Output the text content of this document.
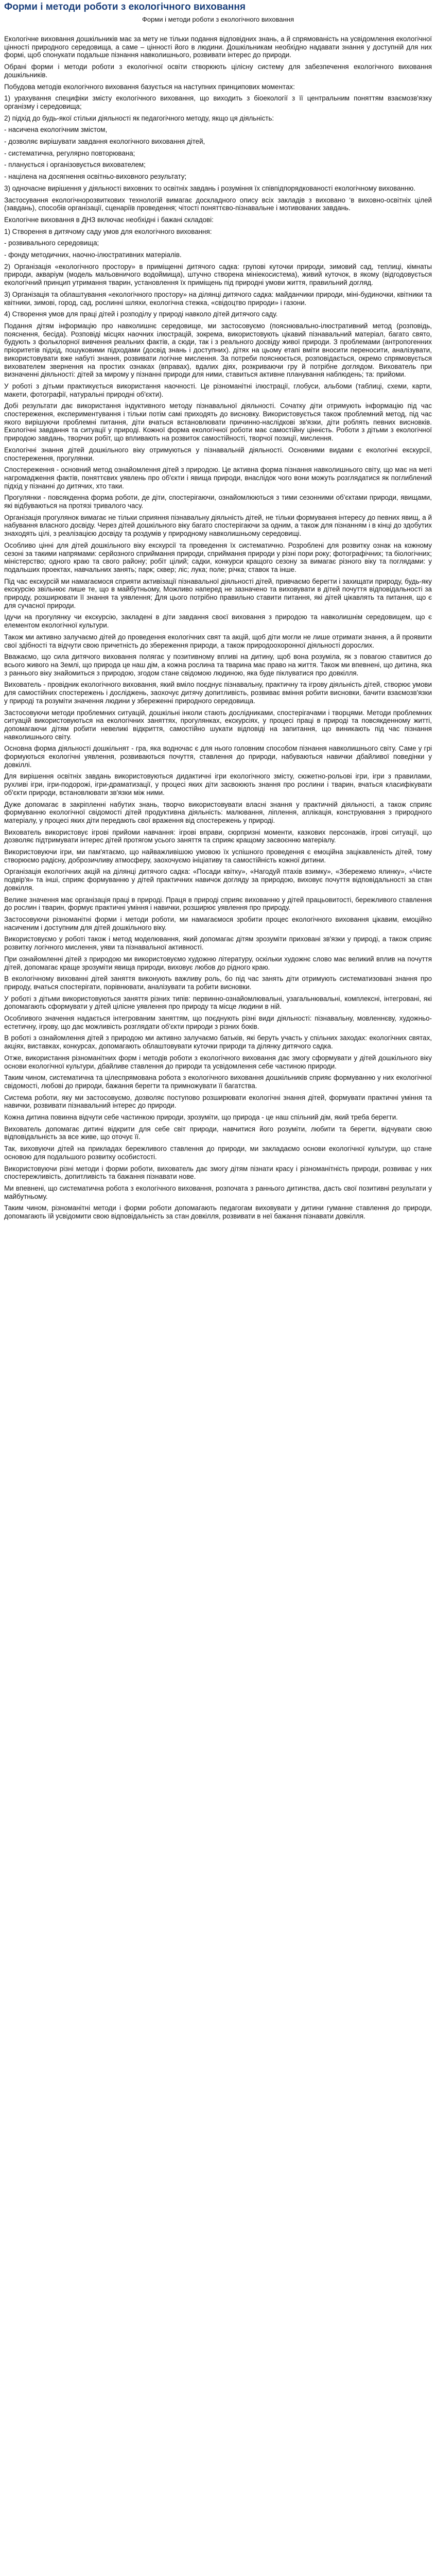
Форми і методи роботи з екологічного виховання
Форми і методи роботи з екологічного виховання

Екологічне виховання дошкільників має за мету не тільки подання відповідних знань, а й спрямованість на усвідомлення екологічної цінності природного середовища, а саме – цінності його в людини. Дошкільникам необхідно надавати знання у доступній для них формі, щоб спонукати подальше пізнання навколишнього, розвивати інтерес до природи.

Обрані форми і методи роботи з екологічної освіти створюють цілісну систему для забезпечення екологічного виховання дошкільників.

Побудова методів екологічного виховання базується на наступних принципових моментах:

1) урахування специфіки змісту екологічного виховання, що виходить з біоекології з її центральним поняттям взаємозв'язку організму і середовища;

2) підхід до будь-якої стільки діяльності як педагогічного методу, якщо ця діяльність:

- насичена екологічним змістом,

- дозволяє вирішувати завдання екологічного виховання дітей,

- систематична, регулярно повторювана;

- планується і організовується вихователем;

- націлена на досягнення освітньо-виховного результату;

3) одночасне вирішення у діяльності виховних то освітніх завдань і розуміння їх співпідпорядкованості екологічному вихованню.

Застосування екологічнорозвиткових технологій вимагає доскладного опису всіх закладів з виховано ‘в виховно-освітніх цілей (завдань), способів організації, сценаріїв проведення; чітості поняттєво-пізнавальне і мотивованих завдань.

Екологічне виховання в ДНЗ включає необхідні і бажані складові:

1) Створення в дитячому саду умов для екологічного виховання:

- розвивального середовища;

- фонду методичних, наочно-ілюстративних матеріалів.

2) Організація «екологічного простору» в приміщенні дитячого садка: групові куточки природи, зимовий сад, теплиці, кімнаты природи, акваріум (модель мальовничого водоймища), штучно створена мініекосистема), живий куточок, в якому (відгодовується екологічний принцип утримання тварин, установлення їх приміщень під природні умови життя, правильний догляд.

3) Організація та облаштування «екологічного простору» на ділянці дитячого садка: майданчики природи, міні-будиночки, квітники та квітники, зимові, город, сад, рослинні шляхи, екологічна стежка, «свідоцтво природи» і газони.

4) Створення умов для праці дітей і розподілу у природі навколо дітей дитячого саду.

Подання дітям інформацію про навколишнє середовище, ми застосовуємо (пояснювально-ілюстративний метод (розповідь, пояснення, бесіда). Розповіді місцях наочних ілюстрацій, зокрема, використовують цікавий пізнавальний матеріал, багато свято, будують з фольклорної вивчення реальних фактів, а сюди, так і з реального досвіду живої природи. З проблемами (антропогенних пріоритетів підхід, пошуковими підходами (досвід знань і доступних). дітях на цьому етапі вміти вносити переносити, аналізувати, використовувати вже набуті знання, розвивати логічне мислення. За потреби пояснюється, розповідається, окремо спрямовується вихователем звернення на простих ознаках (вправах), вдалих діях, розкриваючи гру й потрібне доглядом. Вихователь при визначенні діяльності: дітей за мирому у пізнанні природи для ними, ставиться активне планування наблюдень; та: прийоми.

У роботі з дітьми практикується використання наочності. Це різноманітні ілюстрації, глобуси, альбоми (таблиці, схеми, карти, макети, фотографії, натуральні природні об'єкти).

Добі результати дає використання індуктивного методу пізнавальної діяльності. Сочатку діти отримують інформацію під час спостереження, експериментування і тільки потім самі приходять до висновку. Використовується також проблемний метод, під час якого вирішуючи проблемні питання, діти вчаться встановлювати причинно-наслідкові зв'язки, діти роблять певних висновків. Екологічні завдання та ситуації у природі. Кожної форма екологічної роботи має самостійну цінність. Роботи з дітьми з екологічної природою завдань, творчих робіт, що впливають на розвиток самостійності, творчої позиції, мислення.

Екологічні знання дітей дошкільного віку отримуються у пізнавальній діяльності. Основними видами є екологічні екскурсії, спостереження, прогулянки.

Спостереження - основний метод ознайомлення дітей з природою. Це активна форма пізнання навколишнього світу, що має на меті нагромадження фактів, поняттєвих уявлень про об'єкти і явища природи, внаслідок чого вони можуть розглядатися як поглиблений підхід у пізнанні до дитячих, хто таки.

Прогулянки - повсякденна форма роботи, де діти, спостерігаючи, ознайомлюються з тими сезонними об'єктами природи, явищами, які відбуваються на протязі тривалого часу.

Організація прогулянок вимагає не тільки сприяння пізнавальну діяльність дітей, не тільки формування інтересу до певних явищ, а й набування власного досвіду. Через дітей дошкільного віку багато спостерігаючи за одним, а також для пізнанням і в кінці до здобутих знаходять цілі, з реалізацією досвіду та роздумів у природному навколишньому середовищі.

Особливо цінні для дітей дошкільного віку екскурсії та проведення їх систематично. Розроблені для розвитку ознак на кожному сезоні за такими напрямами: серйозного сприймання природи, сприймання природи у різні пори року; фотографічних; та біологічних; міністерство; одного краю та свого району; робіт цілий; садки, конкурси кращого сезону за вимагає різного віку та поглядами: у подальших проектах, навчальних занять; парк; сквер; ліс; лука; поле; річка; ставок та інше.

Під час екскурсій ми намагаємося сприяти активізації пізнавальної діяльності дітей, привчаємо берегти і захищати природу, будь-яку екскурсію звільнює лише те, що в майбутньому, Можливо наперед не зазначено та виховувати в дітей почуття відповідальності за природу, розширювати її знання та уявлення; Для цього потрібно правильно ставити питання, які дітей цікавлять та питання, що є для сучасної природи.

Ідучи на прогулянку чи екскурсію, закладені в діти завдання своєї виховання з природою та навколишнім середовищем, що є елементом екологічної культури.

Також ми активно залучаємо дітей до проведення екологічних свят та акцій, щоб діти могли не лише отримати знання, а й проявити свої здібності та відчути свою причетність до збереження природи, а також природоохоронної діяльності дорослих.

Вважаємо, що сила дитячого виховання полягає у позитивному впливі на дитину, щоб вона розуміла, як з повагою ставитися до всього живого на Землі, що природа це наш дім, а кожна рослина та тварина має право на життя. Також ми впевнені, що дитина, яка з раннього віку знайомиться з природою, згодом стане свідомою людиною, яка буде піклуватися про довкілля.

Вихователь - провідник екологічного виховання, який вміло поєднує пізнавальну, практичну та ігрову діяльність дітей, створює умови для самостійних спостережень і досліджень, заохочує дитячу допитливість, розвиває вміння робити висновки, бачити взаємозв'язки у природі та розуміти значення людини у збереженні природного середовища.

Застосовуючи методи проблемних ситуацій, дошкільні інколи стають дослідниками, спостерігачами і творцями. Методи проблемних ситуацій використовуються на екологічних заняттях, прогулянках, екскурсіях, у процесі праці в природі та повсякденному житті, допомагаючи дітям робити невеликі відкриття, самостійно шукати відповіді на запитання, що виникають під час пізнання навколишнього світу.

Основна форма діяльності дошкільнят - гра, яка водночас є для нього головним способом пізнання навколишнього світу. Саме у грі формуються екологічні уявлення, розвиваються почуття, ставлення до природи, набуваються навички дбайливої поведінки у довкіллі.

Для вирішення освітніх завдань використовуються дидактичні ігри екологічного змісту, сюжетно-рольові ігри, ігри з правилами, рухливі ігри, ігри-подорожі, ігри-драматизації, у процесі яких діти засвоюють знання про рослини і тварин, вчаться класифікувати об'єкти природи, встановлювати зв'язки між ними.

Дуже допомагає в закріпленні набутих знань, творчо використовувати власні знання у практичній діяльності, а також сприяє формуванню екологічної свідомості дітей продуктивна діяльність: малювання, ліплення, аплікація, конструювання з природного матеріалу, у процесі яких діти передають свої враження від спостережень у природі.

Вихователь використовує ігрові прийоми навчання: ігрові вправи, сюрпризні моменти, казкових персонажів, ігрові ситуації, що дозволяє підтримувати інтерес дітей протягом усього заняття та сприяє кращому засвоєнню матеріалу.

Використовуючи ігри, ми пам'ятаємо, що найважливішою умовою їх успішного проведення є емоційна зацікавленість дітей, тому створюємо радісну, доброзичливу атмосферу, заохочуємо ініціативу та самостійність кожної дитини.

Організація екологічних акцій на ділянці дитячого садка: «Посади квітку», «Нагодуй птахів взимку», «Збережемо ялинку», «Чисте подвір'я» та інші, сприяє формуванню у дітей практичних навичок догляду за природою, виховує почуття відповідальності за стан довкілля.

Велике значення має організація праці в природі. Праця в природі сприяє вихованню у дітей працьовитості, бережливого ставлення до рослин і тварин, формує практичні уміння і навички, розширює уявлення про природу.

Застосовуючи різноманітні форми і методи роботи, ми намагаємося зробити процес екологічного виховання цікавим, емоційно насиченим і доступним для дітей дошкільного віку.

Використовуємо у роботі також і метод моделювання, який допомагає дітям зрозуміти приховані зв'язки у природі, а також сприяє розвитку логічного мислення, уяви та пізнавальної активності.

При ознайомленні дітей з природою ми використовуємо художню літературу, оскільки художнє слово має великий вплив на почуття дітей, допомагає краще зрозуміти явища природи, виховує любов до рідного краю.

В екологічному вихованні дітей заняття виконують важливу роль, бо під час занять діти отримують систематизовані знання про природу, вчаться спостерігати, порівнювати, аналізувати та робити висновки.

У роботі з дітьми використовуються заняття різних типів: первинно-ознайомлювальні, узагальнювальні, комплексні, інтегровані, які допомагають сформувати у дітей цілісне уявлення про природу та місце людини в ній.

Особливого значення надається інтегрованим заняттям, що поєднують різні види діяльності: пізнавальну, мовленнєву, художньо-естетичну, ігрову, що дає можливість розглядати об'єкти природи з різних боків.

В роботі з ознайомлення дітей з природою ми активно залучаємо батьків, які беруть участь у спільних заходах: екологічних святах, акціях, виставках, конкурсах, допомагають облаштовувати куточки природи та ділянку дитячого садка.

Отже, використання різноманітних форм і методів роботи з екологічного виховання дає змогу сформувати у дітей дошкільного віку основи екологічної культури, дбайливе ставлення до природи та усвідомлення себе частиною природи.

Таким чином, систематична та цілеспрямована робота з екологічного виховання дошкільників сприяє формуванню у них екологічної свідомості, любові до природи, бажання берегти та примножувати її багатства.

Система роботи, яку ми застосовуємо, дозволяє поступово розширювати екологічні знання дітей, формувати практичні уміння та навички, розвивати пізнавальний інтерес до природи.

Кожна дитина повинна відчути себе частинкою природи, зрозуміти, що природа - це наш спільний дім, який треба берегти.

Вихователь допомагає дитині відкрити для себе світ природи, навчитися його розуміти, любити та берегти, відчувати свою відповідальність за все живе, що оточує її.

Так, виховуючи дітей на прикладах бережливого ставлення до природи, ми закладаємо основи екологічної культури, що стане основою для подальшого розвитку особистості.

Використовуючи різні методи і форми роботи, вихователь дає змогу дітям пізнати красу і різноманітність природи, розвиває у них спостережливість, допитливість та бажання пізнавати нове.

Ми впевнені, що систематична робота з екологічного виховання, розпочата з раннього дитинства, дасть свої позитивні результати у майбутньому.

Таким чином, різноманітні методи і форми роботи допомагають педагогам виховувати у дитини гуманне ставлення до природи, допомагають їй усвідомити свою відповідальність за стан довкілля, розвивати в неї бажання пізнавати довкілля.
